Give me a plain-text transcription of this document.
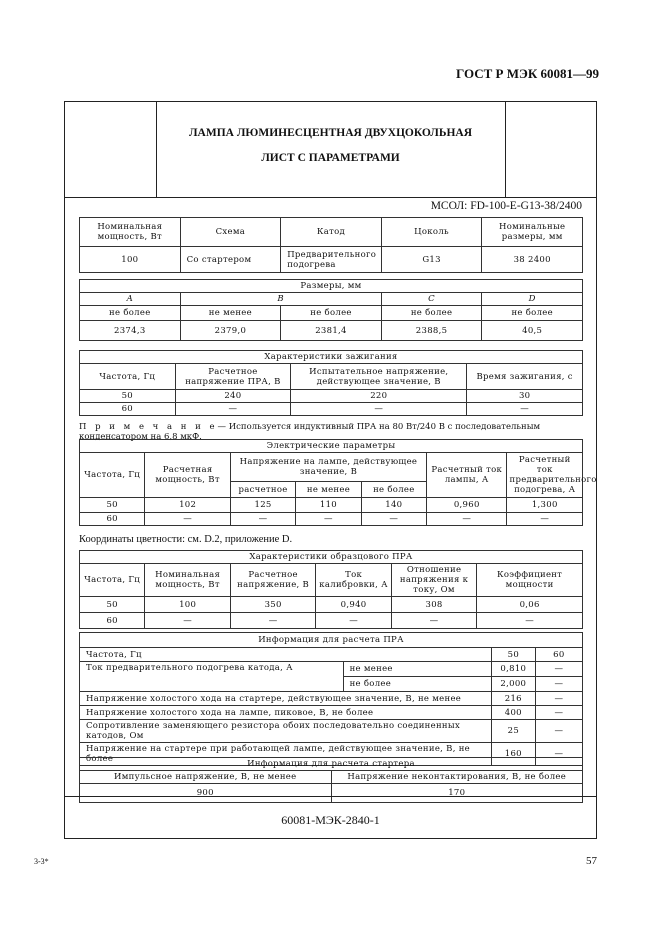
ГОСТ Р МЭК 60081—99
ЛАМПА ЛЮМИНЕСЦЕНТНАЯ ДВУХЦОКОЛЬНАЯ
ЛИСТ С ПАРАМЕТРАМИ
МСОЛ: FD-100-E-G13-38/2400
Номинальная мощность, Вт	Схема	Катод	Цоколь	Номинальные размеры, мм
100	Со стартером	Предварительного подогрева	G13	38 2400
Размеры, мм				
A	B		C	D
не более	не менее	не более	не более	не более
2374,3	2379,0	2381,4	2388,5	40,5
Характеристики зажигания			
Частота, Гц	Расчетное напряжение ПРА, В	Испытательное напряжение, действующее значение, В	Время зажигания, с
50	240	220	30
60	—	—	—
П р и м е ч а н и е— Используется индуктивный ПРА на 80 Вт/240 В с последовательным конденсатором на 6,8 мкФ.
Электрические параметры						
Частота, Гц	Расчетная мощность, Вт	Напряжение на лампе, действующее значение, В			Расчетный ток лампы, А	Расчетный ток предварительного подогрева, А
		расчетное	не менее	не более		
50	102	125	110	140	0,960	1,300
60	—	—	—	—	—	—
Координаты цветности: см. D.2, приложение D.
Характеристики образцового ПРА					
Частота, Гц	Номинальная мощность, Вт	Расчетное напряжение, В	Ток калибровки, А	Отношение напряжения к току, Ом	Коэффициент мощности
50	100	350	0,940	308	0,06
60	—	—	—	—	—
Информация для расчета ПРА			
Частота, Гц		50	60
Ток предварительного подогрева катода, А	не менее	0,810	—
	не более	2,000	—
Напряжение холостого хода на стартере, действующее значение, В, не менее		216	—
Напряжение холостого хода на лампе, пиковое, В, не более		400	—
Сопротивление заменяющего резистора обоих последовательно соединенных катодов, Ом		25	—
Напряжение на стартере при работающей лампе, действующее значение, В, не более		160	—
Информация для расчета стартера	
Импульсное напряжение, В, не менее	Напряжение неконтактирования, В, не более
900	170
60081-МЭК-2840-1
3-3*	57
